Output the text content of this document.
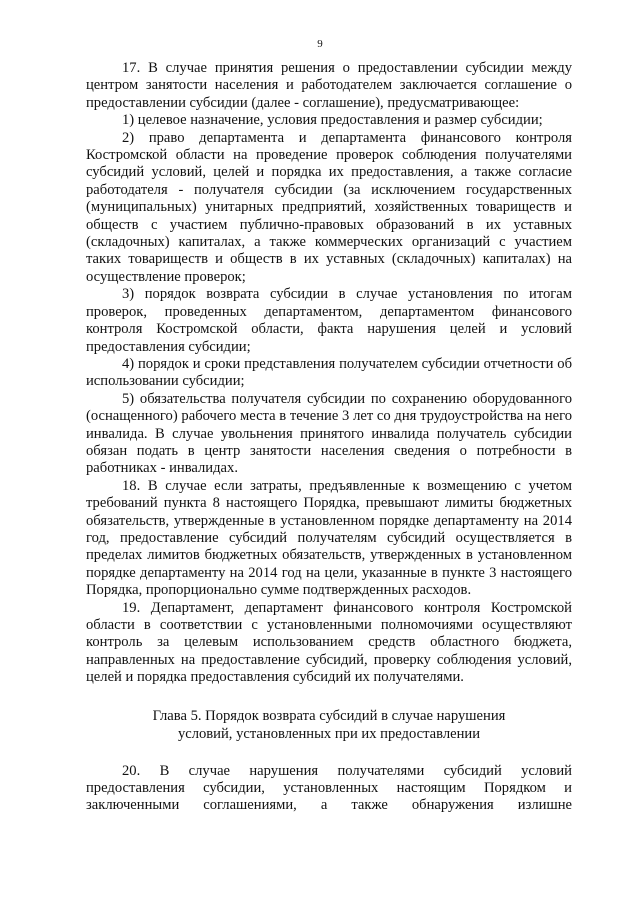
9

17. В случае принятия решения о предоставлении субсидии между центром занятости населения и работодателем заключается соглашение о предоставлении субсидии (далее - соглашение), предусматривающее:

1) целевое назначение, условия предоставления и размер субсидии;

2) право департамента и департамента финансового контроля Костромской области на проведение проверок соблюдения получателями субсидий условий, целей и порядка их предоставления, а также согласие работодателя - получателя субсидии (за исключением государственных (муниципальных) унитарных предприятий, хозяйственных товариществ и обществ с участием публично-правовых образований в их уставных (складочных) капиталах, а также коммерческих организаций с участием таких товариществ и обществ в их уставных (складочных) капиталах) на осуществление проверок;

3) порядок возврата субсидии в случае установления по итогам проверок, проведенных департаментом, департаментом финансового контроля Костромской области, факта нарушения целей и условий предоставления субсидии;

4) порядок и сроки представления получателем субсидии отчетности об использовании субсидии;

5) обязательства получателя субсидии по сохранению оборудованного (оснащенного) рабочего места в течение 3 лет со дня трудоустройства на него инвалида. В случае увольнения принятого инвалида получатель субсидии обязан подать в центр занятости населения сведения о потребности в работниках - инвалидах.

18. В случае если затраты, предъявленные к возмещению с учетом требований пункта 8 настоящего Порядка, превышают лимиты бюджетных обязательств, утвержденные в установленном порядке департаменту на 2014 год, предоставление субсидий получателям субсидий осуществляется в пределах лимитов бюджетных обязательств, утвержденных в установленном порядке департаменту на 2014 год на цели, указанные в пункте 3 настоящего Порядка, пропорционально сумме подтвержденных расходов.

19. Департамент, департамент финансового контроля Костромской области в соответствии с установленными полномочиями осуществляют контроль за целевым использованием средств областного бюджета, направленных на предоставление субсидий, проверку соблюдения условий, целей и порядка предоставления субсидий их получателями.

Глава 5. Порядок возврата субсидий в случае нарушения
условий, установленных при их предоставлении

20. В случае нарушения получателями субсидий условий предоставления субсидии, установленных настоящим Порядком и заключенными соглашениями, а также обнаружения излишне
